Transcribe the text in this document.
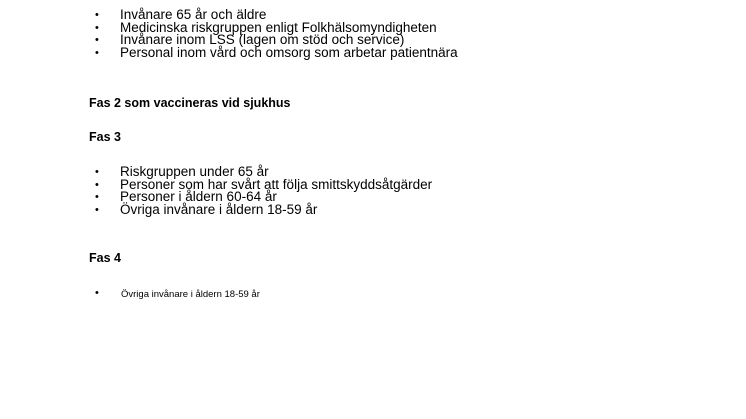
• Invånare 65 år och äldre
• Medicinska riskgruppen enligt Folkhälsomyndigheten
• Invånare inom LSS (lagen om stöd och service)
• Personal inom vård och omsorg som arbetar patientnära

Fas 2 som vaccineras vid sjukhus

Fas 3

• Riskgruppen under 65 år
• Personer som har svårt att följa smittskyddsåtgärder
• Personer i åldern 60-64 år
• Övriga invånare i åldern 18-59 år

Fas 4

• Övriga invånare i åldern 18-59 år
